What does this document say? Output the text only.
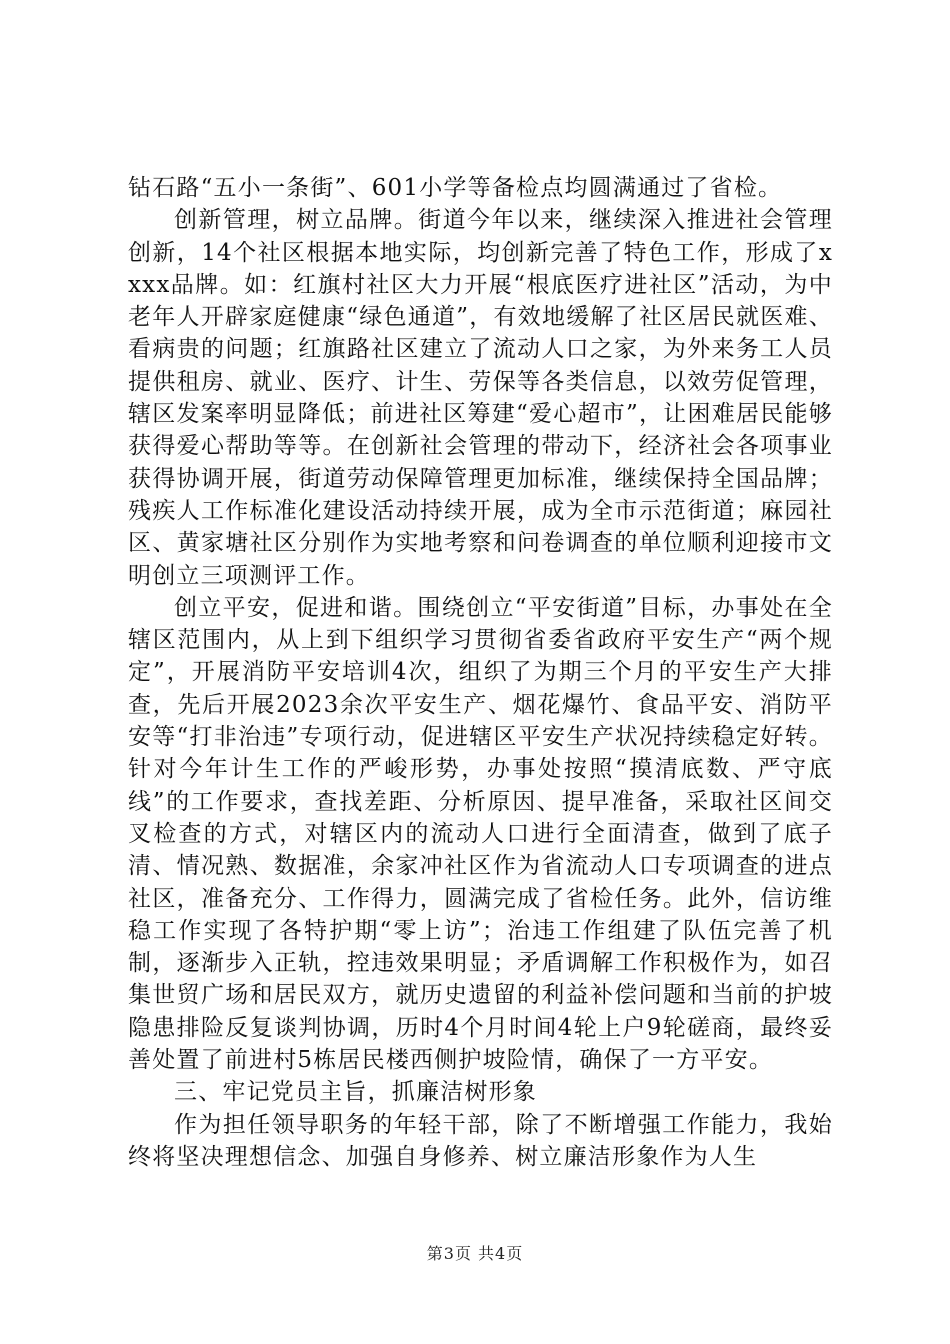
钻石路“五小一条街”、601小学等备检点均圆满通过了省检。

创新管理，树立品牌。街道今年以来，继续深入推进社会管理创新，14个社区根据本地实际，均创新完善了特色工作，形成了xxxx品牌。如：红旗村社区大力开展“根底医疗进社区”活动，为中老年人开辟家庭健康“绿色通道”，有效地缓解了社区居民就医难、看病贵的问题；红旗路社区建立了流动人口之家，为外来务工人员提供租房、就业、医疗、计生、劳保等各类信息，以效劳促管理，辖区发案率明显降低；前进社区筹建“爱心超市”，让困难居民能够获得爱心帮助等等。在创新社会管理的带动下，经济社会各项事业获得协调开展，街道劳动保障管理更加标准，继续保持全国品牌；残疾人工作标准化建设活动持续开展，成为全市示范街道；麻园社区、黄家塘社区分别作为实地考察和问卷调查的单位顺利迎接市文明创立三项测评工作。

创立平安，促进和谐。围绕创立“平安街道”目标，办事处在全辖区范围内，从上到下组织学习贯彻省委省政府平安生产“两个规定”，开展消防平安培训4次，组织了为期三个月的平安生产大排查，先后开展2023余次平安生产、烟花爆竹、食品平安、消防平安等“打非治违”专项行动，促进辖区平安生产状况持续稳定好转。针对今年计生工作的严峻形势，办事处按照“摸清底数、严守底线”的工作要求，查找差距、分析原因、提早准备，采取社区间交叉检查的方式，对辖区内的流动人口进行全面清查，做到了底子清、情况熟、数据准，余家冲社区作为省流动人口专项调查的进点社区，准备充分、工作得力，圆满完成了省检任务。此外，信访维稳工作实现了各特护期“零上访”；治违工作组建了队伍完善了机制，逐渐步入正轨，控违效果明显；矛盾调解工作积极作为，如召集世贸广场和居民双方，就历史遗留的利益补偿问题和当前的护坡隐患排险反复谈判协调，历时4个月时间4轮上户9轮磋商，最终妥善处置了前进村5栋居民楼西侧护坡险情，确保了一方平安。

三、牢记党员主旨，抓廉洁树形象

作为担任领导职务的年轻干部，除了不断增强工作能力，我始终将坚决理想信念、加强自身修养、树立廉洁形象作为人生

第3页 共4页
